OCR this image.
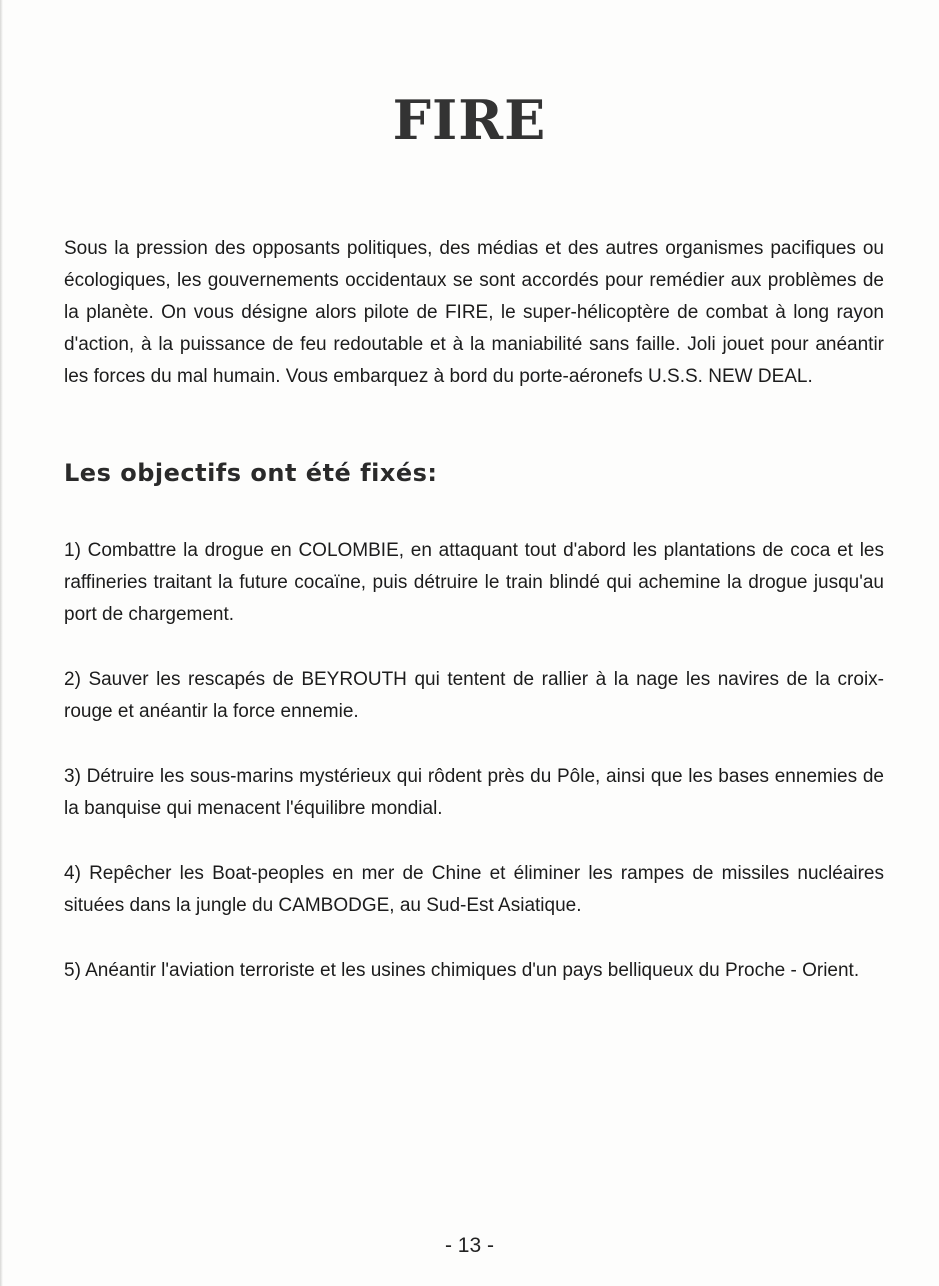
FIRE

Sous la pression des opposants politiques, des médias et des autres organismes pacifiques ou écologiques, les gouvernements occidentaux se sont accordés pour remédier aux problèmes de la planète. On vous désigne alors pilote de FIRE, le super-hélicoptère de combat à long rayon d'action, à la puissance de feu redoutable et à la maniabilité sans faille. Joli jouet pour anéantir les forces du mal humain. Vous embarquez à bord du porte-aéronefs U.S.S. NEW DEAL.

Les objectifs ont été fixés:

1) Combattre la drogue en COLOMBIE, en attaquant tout d'abord les plantations de coca et les raffineries traitant la future cocaïne, puis détruire le train blindé qui achemine la drogue jusqu'au port de chargement.

2) Sauver les rescapés de BEYROUTH qui tentent de rallier à la nage les navires de la croix-rouge et anéantir la force ennemie.

3) Détruire les sous-marins mystérieux qui rôdent près du Pôle, ainsi que les bases ennemies de la banquise qui menacent l'équilibre mondial.

4) Repêcher les Boat-peoples en mer de Chine et éliminer les rampes de missiles nucléaires situées dans la jungle du CAMBODGE, au Sud-Est Asiatique.

5) Anéantir l'aviation terroriste et les usines chimiques d'un pays belliqueux du Proche - Orient.

- 13 -
